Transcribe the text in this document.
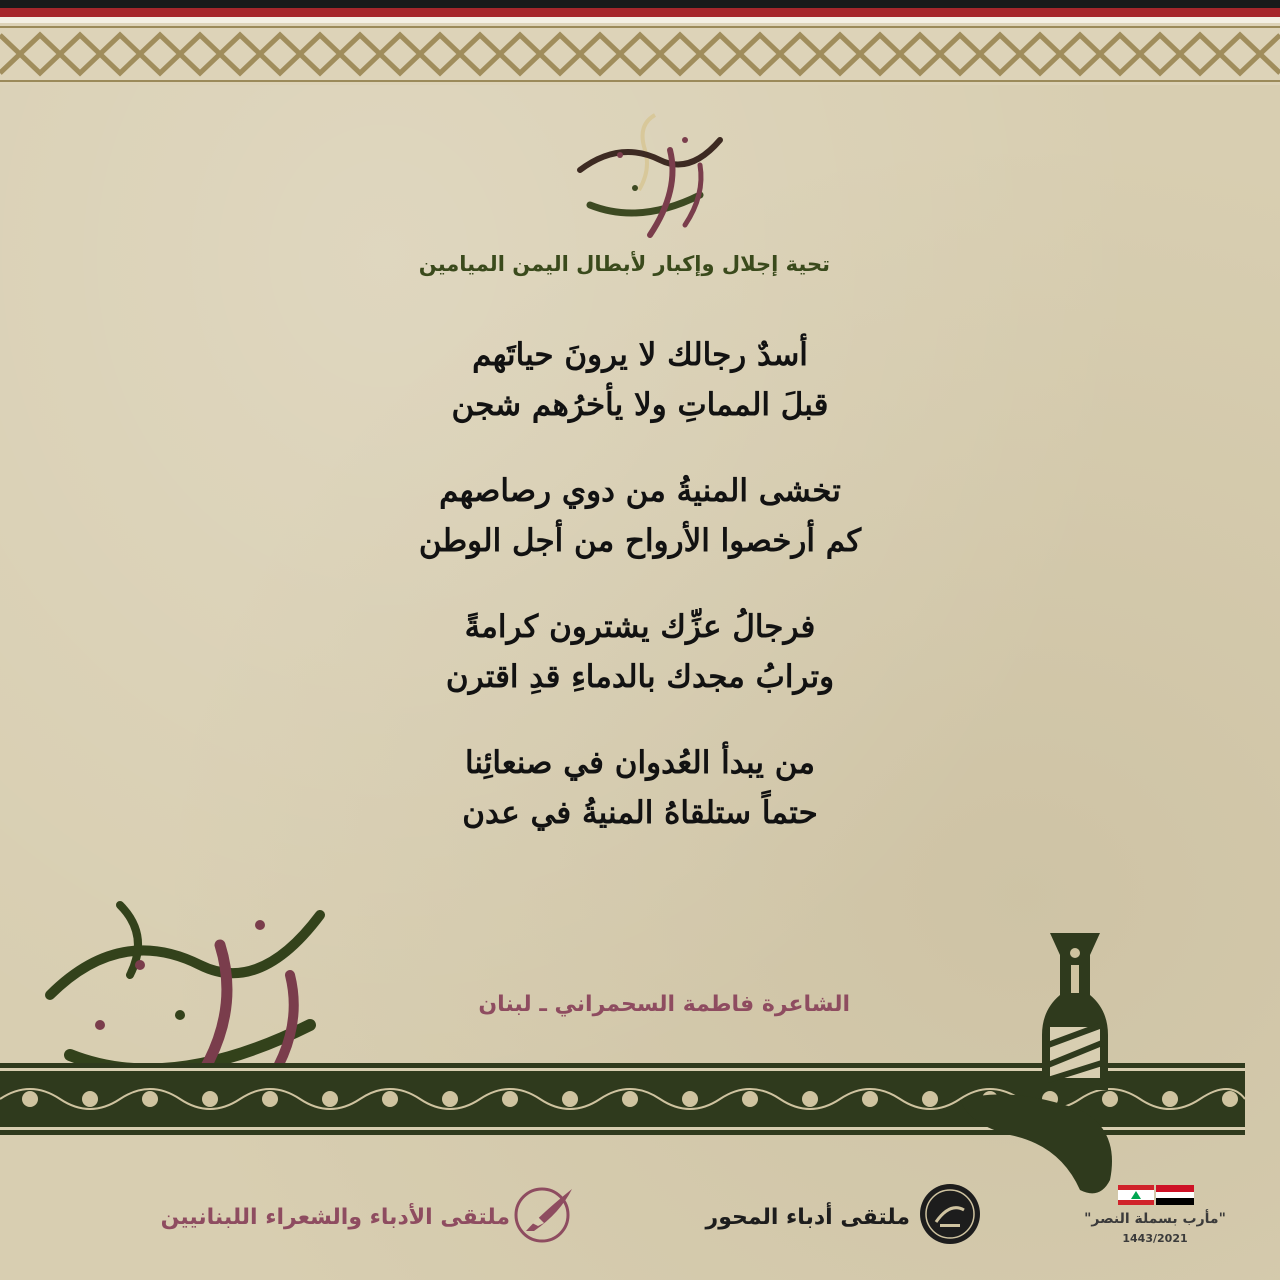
تحية إجلال وإكبار لأبطال اليمن الميامين
أسدٌ رجالك لا يرونَ حياتَهم
قبلَ المماتِ ولا يأخرُهم شجن
تخشى المنيةُ من دوي رصاصهم
كم أرخصوا الأرواح من أجل الوطن
فرجالُ عزِّك يشترون كرامةً
وترابُ مجدك بالدماءِ قدِ اقترن
من يبدأ العُدوان في صنعائِنا
حتماً ستلقاهُ المنيةُ في عدن
الشاعرة فاطمة السحمراني ـ لبنان
ملتقى الأدباء والشعراء اللبنانيين	ملتقى أدباء المحور	"مأرب بسملة النصر"
1443/2021
